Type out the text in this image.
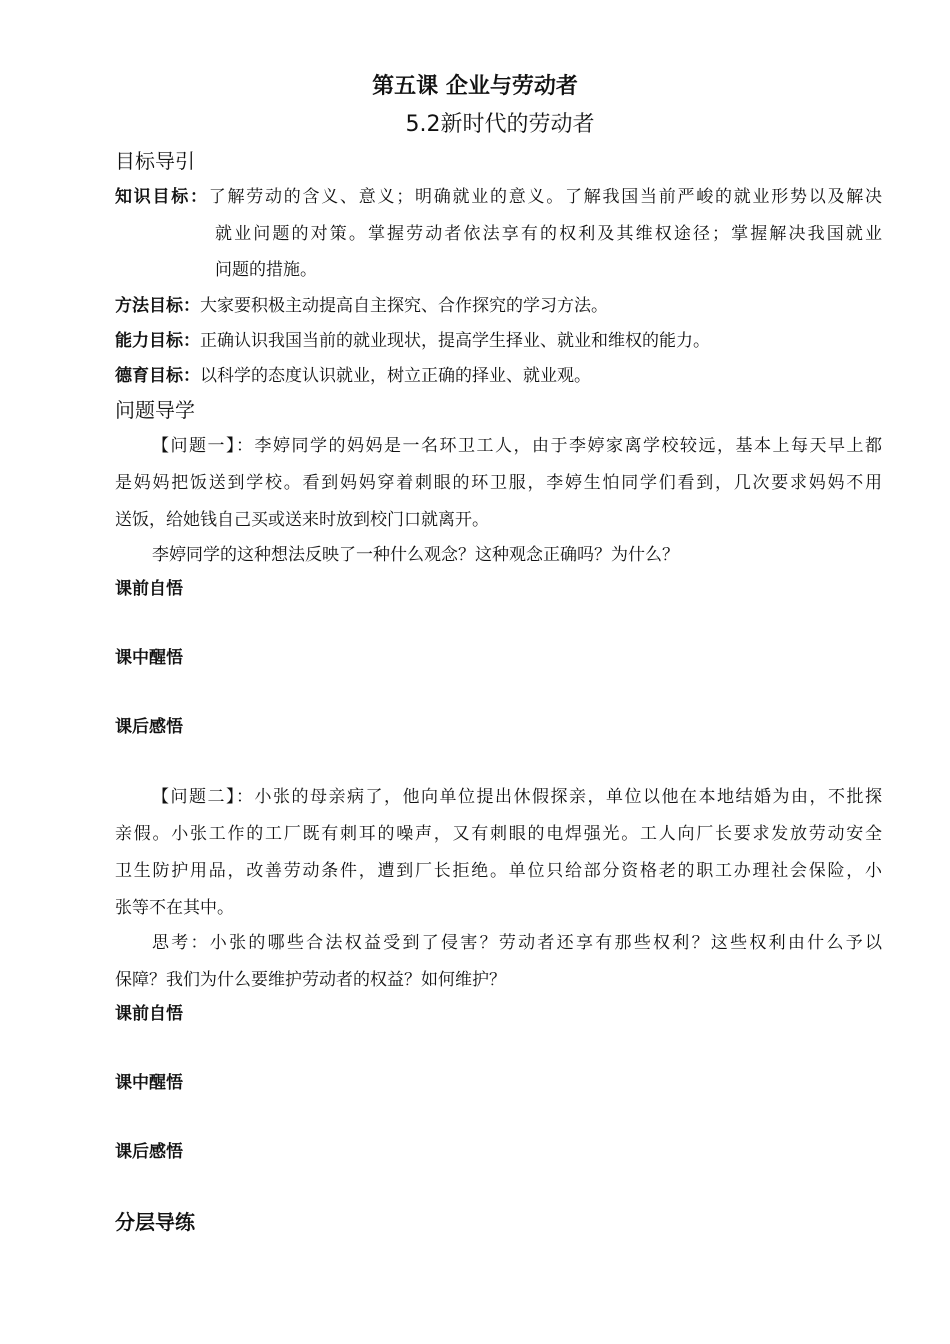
第五课 企业与劳动者
5.2新时代的劳动者
目标导引
知识目标：了解劳动的含义、意义；明确就业的意义。了解我国当前严峻的就业形势以及解决
就业问题的对策。掌握劳动者依法享有的权利及其维权途径；掌握解决我国就业
问题的措施。
方法目标：大家要积极主动提高自主探究、合作探究的学习方法。
能力目标：正确认识我国当前的就业现状，提高学生择业、就业和维权的能力。
德育目标：以科学的态度认识就业，树立正确的择业、就业观。
问题导学
【问题一】：李婷同学的妈妈是一名环卫工人，由于李婷家离学校较远，基本上每天早上都
是妈妈把饭送到学校。看到妈妈穿着刺眼的环卫服，李婷生怕同学们看到，几次要求妈妈不用
送饭，给她钱自己买或送来时放到校门口就离开。
李婷同学的这种想法反映了一种什么观念？这种观念正确吗？为什么？
课前自悟
课中醒悟
课后感悟
【问题二】：小张的母亲病了，他向单位提出休假探亲，单位以他在本地结婚为由，不批探
亲假。小张工作的工厂既有刺耳的噪声，又有刺眼的电焊强光。工人向厂长要求发放劳动安全
卫生防护用品，改善劳动条件，遭到厂长拒绝。单位只给部分资格老的职工办理社会保险，小
张等不在其中。
思考：小张的哪些合法权益受到了侵害？劳动者还享有那些权利？这些权利由什么予以
保障？我们为什么要维护劳动者的权益？如何维护？
课前自悟
课中醒悟
课后感悟
分层导练
